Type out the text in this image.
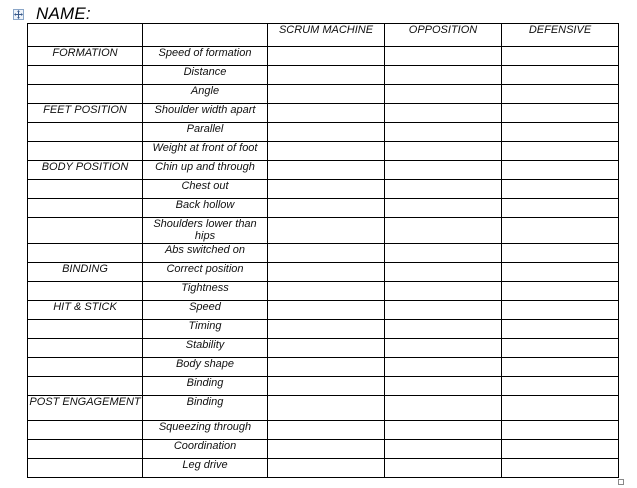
NAME:
		SCRUM MACHINE	OPPOSITION	DEFENSIVE

FORMATION	Speed of formation			

	Distance			

	Angle			

FEET POSITION	Shoulder width apart			

	Parallel			

	Weight at front of foot			

BODY POSITION	Chin up and through			

	Chest out			

	Back hollow			

	Shoulders lower than hips			

	Abs switched on			

BINDING	Correct position			

	Tightness			

HIT & STICK	Speed			

	Timing			

	Stability			

	Body shape			

	Binding			

POST ENGAGEMENT	Binding			

	Squeezing through			

	Coordination			

	Leg drive			
